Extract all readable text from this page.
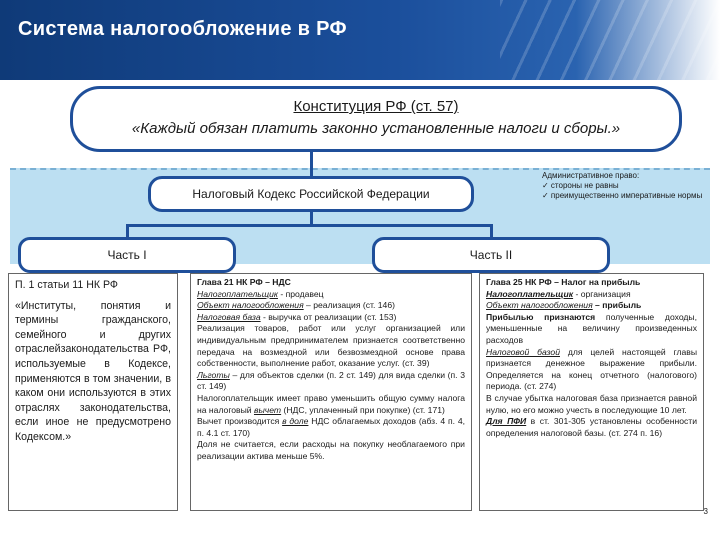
Система налогообложение в РФ
Конституция РФ (ст. 57)
«Каждый обязан платить законно установленные налоги и сборы.»
Налоговый Кодекс Российской Федерации
Административное право:
✓ стороны не равны
✓ преимущественно императивные нормы
Часть I	Часть II
П. 1 статьи 11 НК РФ
«Институты, понятия и термины гражданского, семейного и других отраслейзаконодательства РФ, используемые в Кодексе, применяются в том значении, в каком они используются в этих отраслях законодательства, если иное не предусмотрено Кодексом.»
Глава 21 НК РФ – НДС

Налогоплательщик - продавец

Объект налогообложения – реализация (ст. 146)

Налоговая база - выручка от реализации (ст. 153)

Реализация товаров, работ или услуг организацией или индивидуальным предпринимателем признается соответственно передача на возмездной или безвозмездной основе права собственности, выполнение работ, оказание услуг. (ст. 39)

Льготы – для объектов сделки (п. 2 ст. 149) для вида сделки (п. 3 ст. 149)

Налогоплательщик имеет право уменьшить общую сумму налога на налоговый вычет (НДС, уплаченный при покупке) (ст. 171)

Вычет производится в доле НДС облагаемых доходов (абз. 4 п. 4, п. 4.1 ст. 170)

Доля не считается, если расходы на покупку необлагаемого при реализации актива меньше 5%.

Глава 25 НК РФ – Налог на прибыль

Налогоплательщик - организация

Объект налогообложения – прибыль

Прибылью признаются полученные доходы, уменьшенные на величину произведенных расходов

Налоговой базой для целей настоящей главы признается денежное выражение прибыли. Определяется на конец отчетного (налогового) периода. (ст. 274)

В случае убытка налоговая база признается равной нулю, но его можно учесть в последующие 10 лет.

Для ПФИ в ст. 301-305 установлены особенности определения налоговой базы. (ст. 274 п. 16)

3
